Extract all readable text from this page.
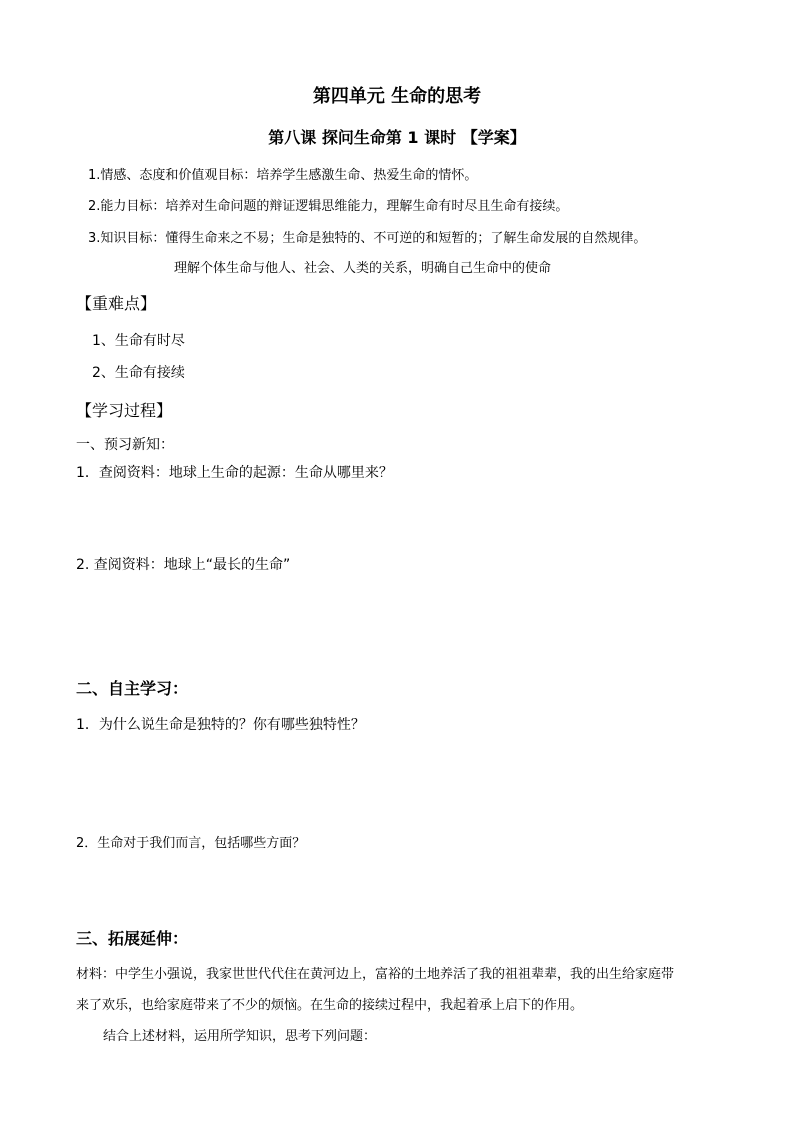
第四单元 生命的思考
第八课 探问生命第 1 课时 【学案】
1.情感、态度和价值观目标：培养学生感激生命、热爱生命的情怀。
2.能力目标：培养对生命问题的辩证逻辑思维能力，理解生命有时尽且生命有接续。
3.知识目标：懂得生命来之不易；生命是独特的、不可逆的和短暂的；了解生命发展的自然规律。
理解个体生命与他人、社会、人类的关系，明确自己生命中的使命
【重难点】
1、生命有时尽
2、生命有接续
【学习过程】
一、预习新知：
1．查阅资料：地球上生命的起源：生命从哪里来？
2. 查阅资料：地球上“最长的生命”
二、自主学习：
1．为什么说生命是独特的？你有哪些独特性？
2．生命对于我们而言，包括哪些方面？
三、拓展延伸：
材料：中学生小强说，我家世世代代住在黄河边上，富裕的土地养活了我的祖祖辈辈，我的出生给家庭带
来了欢乐，也给家庭带来了不少的烦恼。在生命的接续过程中，我起着承上启下的作用。
结合上述材料，运用所学知识，思考下列问题：
